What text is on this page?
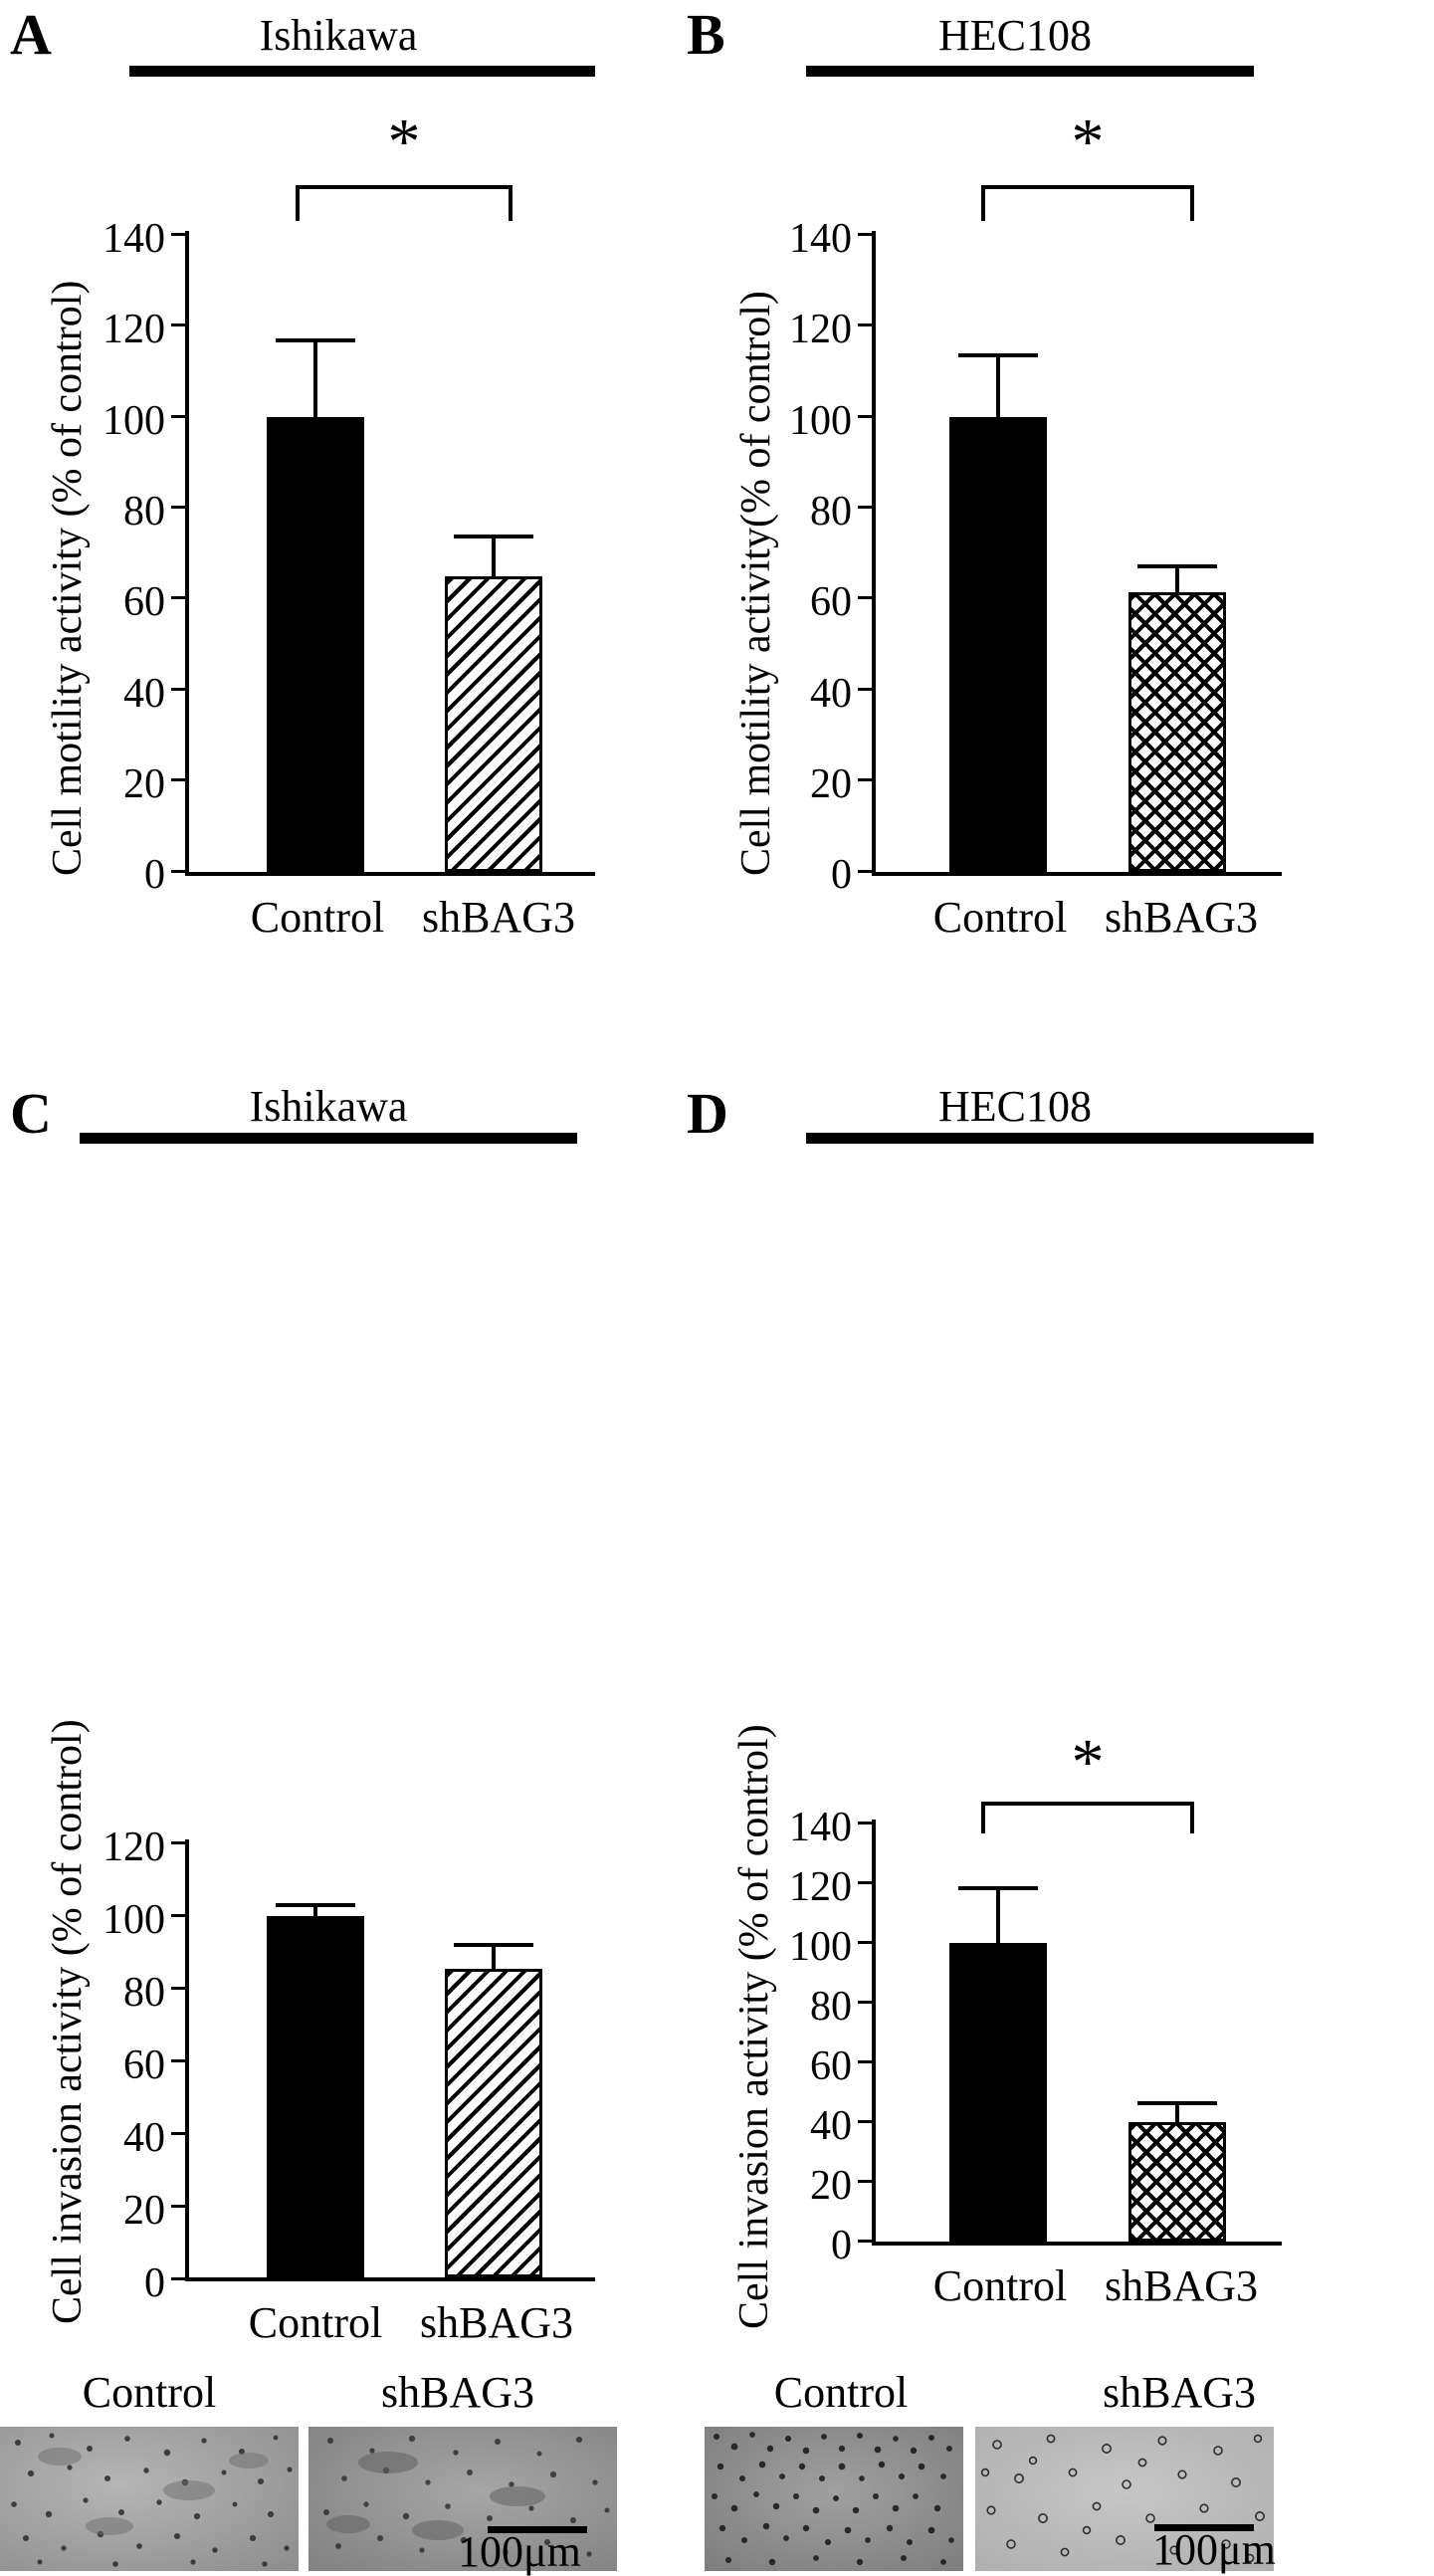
A	Ishikawa
Cell motility activity (% of control)
140
120
100
80
60
40
20
0
*
Control shBAG3
B	HEC108
Cell motility activity(% of control)
140
120
100
80
60
40
20
0
*
Control shBAG3
C	Ishikawa
Cell invasion activity (% of control) 120
100
80
60
40
20
0
Control shBAG3
Control	shBAG3
100μm
D	HEC108
Cell invasion activity (% of control) 140
120
100
80
60
40
20
0
*
Control shBAG3
Control	shBAG3
100μm
